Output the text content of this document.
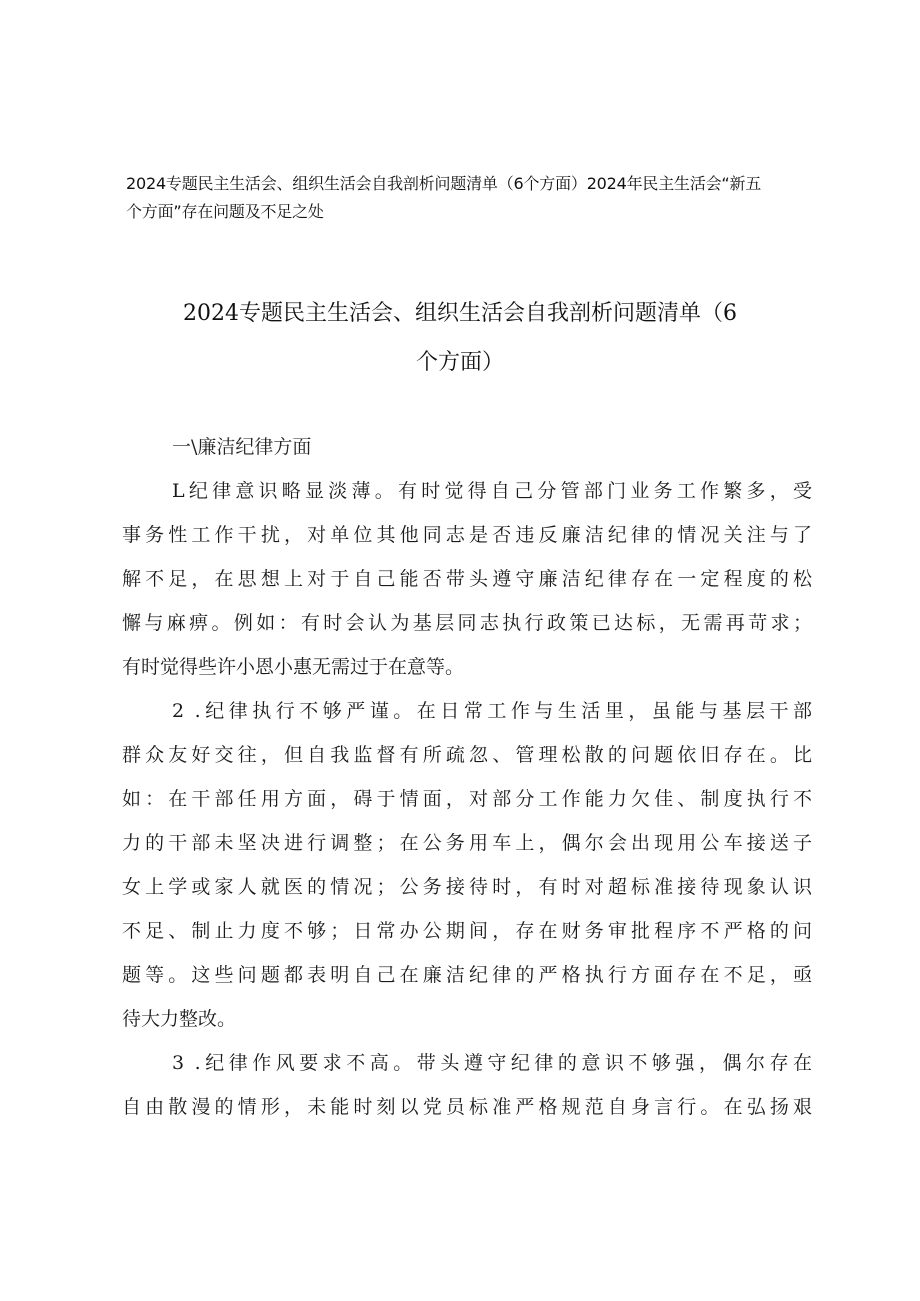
2024专题民主生活会、组织生活会自我剖析问题清单（6个方面）2024年民主生活会“新五
个方面”存在问题及不足之处
2024专题民主生活会、组织生活会自我剖析问题清单（6
个方面）
一\廉洁纪律方面
L纪律意识略显淡薄。有时觉得自己分管部门业务工作繁多，受
事务性工作干扰，对单位其他同志是否违反廉洁纪律的情况关注与了
解不足，在思想上对于自己能否带头遵守廉洁纪律存在一定程度的松
懈与麻痹。例如：有时会认为基层同志执行政策已达标，无需再苛求；
有时觉得些许小恩小惠无需过于在意等。
2 .纪律执行不够严谨。在日常工作与生活里，虽能与基层干部
群众友好交往，但自我监督有所疏忽、管理松散的问题依旧存在。比
如：在干部任用方面，碍于情面，对部分工作能力欠佳、制度执行不
力的干部未坚决进行调整；在公务用车上，偶尔会出现用公车接送子
女上学或家人就医的情况；公务接待时，有时对超标准接待现象认识
不足、制止力度不够；日常办公期间，存在财务审批程序不严格的问
题等。这些问题都表明自己在廉洁纪律的严格执行方面存在不足，亟
待大力整改。
3 .纪律作风要求不高。带头遵守纪律的意识不够强，偶尔存在
自由散漫的情形，未能时刻以党员标准严格规范自身言行。在弘扬艰
